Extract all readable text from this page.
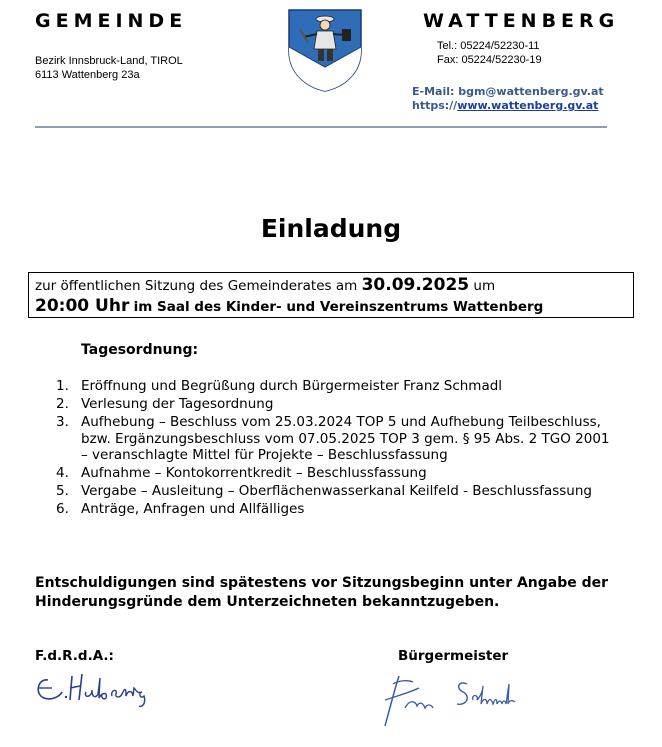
GEMEINDE	WATTENBERG
Bezirk Innsbruck-Land, TIROL
6113 Wattenberg 23a
Tel.: 05224/52230-11
Fax: 05224/52230-19
E-Mail: bgm@wattenberg.gv.at
https://www.wattenberg.gv.at
Einladung
zur öffentlichen Sitzung des Gemeinderates am 30.09.2025 um
20:00 Uhr im Saal des Kinder- und Vereinszentrums Wattenberg
Tagesordnung:
1. Eröffnung und Begrüßung durch Bürgermeister Franz Schmadl
2. Verlesung der Tagesordnung
3. Aufhebung – Beschluss vom 25.03.2024 TOP 5 und Aufhebung Teilbeschluss, bzw. Ergänzungsbeschluss vom 07.05.2025 TOP 3 gem. § 95 Abs. 2 TGO 2001 – veranschlagte Mittel für Projekte – Beschlussfassung
4. Aufnahme – Kontokorrentkredit – Beschlussfassung
5. Vergabe – Ausleitung – Oberflächenwasserkanal Keilfeld - Beschlussfassung
6. Anträge, Anfragen und Allfälliges
Entschuldigungen sind spätestens vor Sitzungsbeginn unter Angabe der Hinderungsgründe dem Unterzeichneten bekanntzugeben.
F.d.R.d.A.:	Bürgermeister
